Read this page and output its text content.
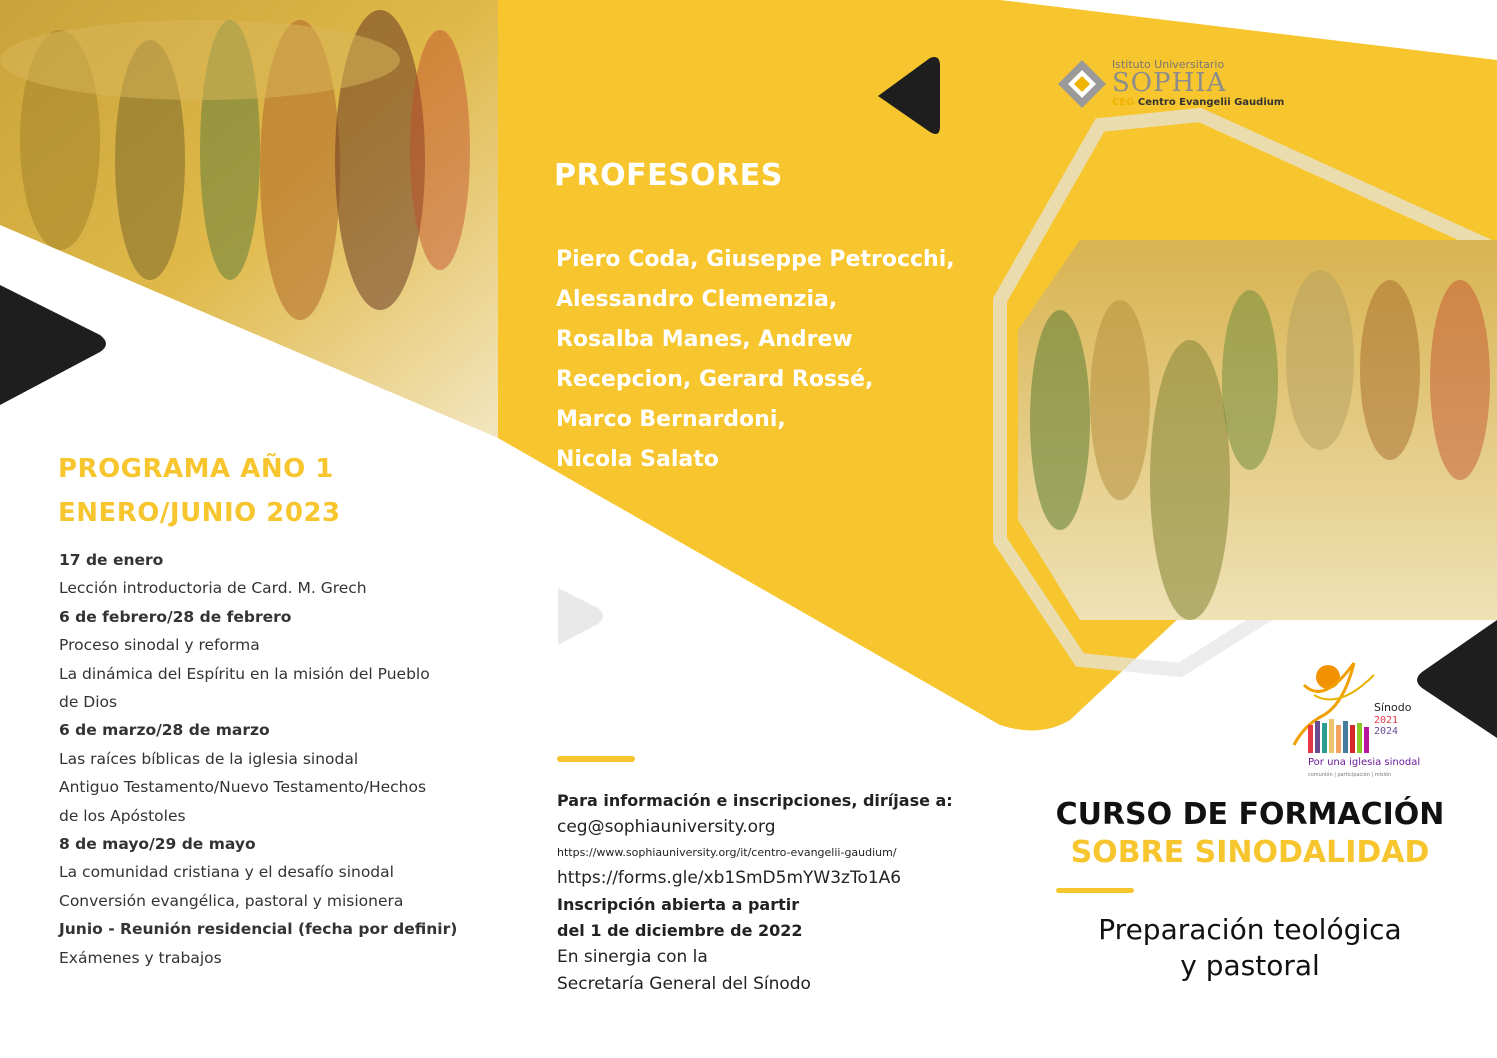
Istituto Universitario
SOPHIA
CEG Centro Evangelii Gaudium
PROFESORES
Piero Coda, Giuseppe Petrocchi,
Alessandro Clemenzia,
Rosalba Manes, Andrew
Recepcion, Gerard Rossé,
Marco Bernardoni,
Nicola Salato
PROGRAMA AÑO 1
ENERO/JUNIO 2023
17 de enero
Lección introductoria de Card. M. Grech
6 de febrero/28 de febrero
Proceso sinodal y reforma
La dinámica del Espíritu en la misión del Pueblo
de Dios
6 de marzo/28 de marzo
Las raíces bíblicas de la iglesia sinodal
Antiguo Testamento/Nuevo Testamento/Hechos
de los Apóstoles
8 de mayo/29 de mayo
La comunidad cristiana y el desafío sinodal
Conversión evangélica, pastoral y misionera
Junio - Reunión residencial (fecha por definir)
Exámenes y trabajos
Para información e inscripciones, diríjase a:
ceg@sophiauniversity.org
https://www.sophiauniversity.org/it/centro-evangelii-gaudium/
https://forms.gle/xb1SmD5mYW3zTo1A6
Inscripción abierta a partir
del 1 de diciembre de 2022
En sinergia con la
Secretaría General del Sínodo
Sínodo
2021
2024
Por una iglesia sinodal
comunión | participación | misión
CURSO DE FORMACIÓN
SOBRE SINODALIDAD
Preparación teológica
y pastoral
